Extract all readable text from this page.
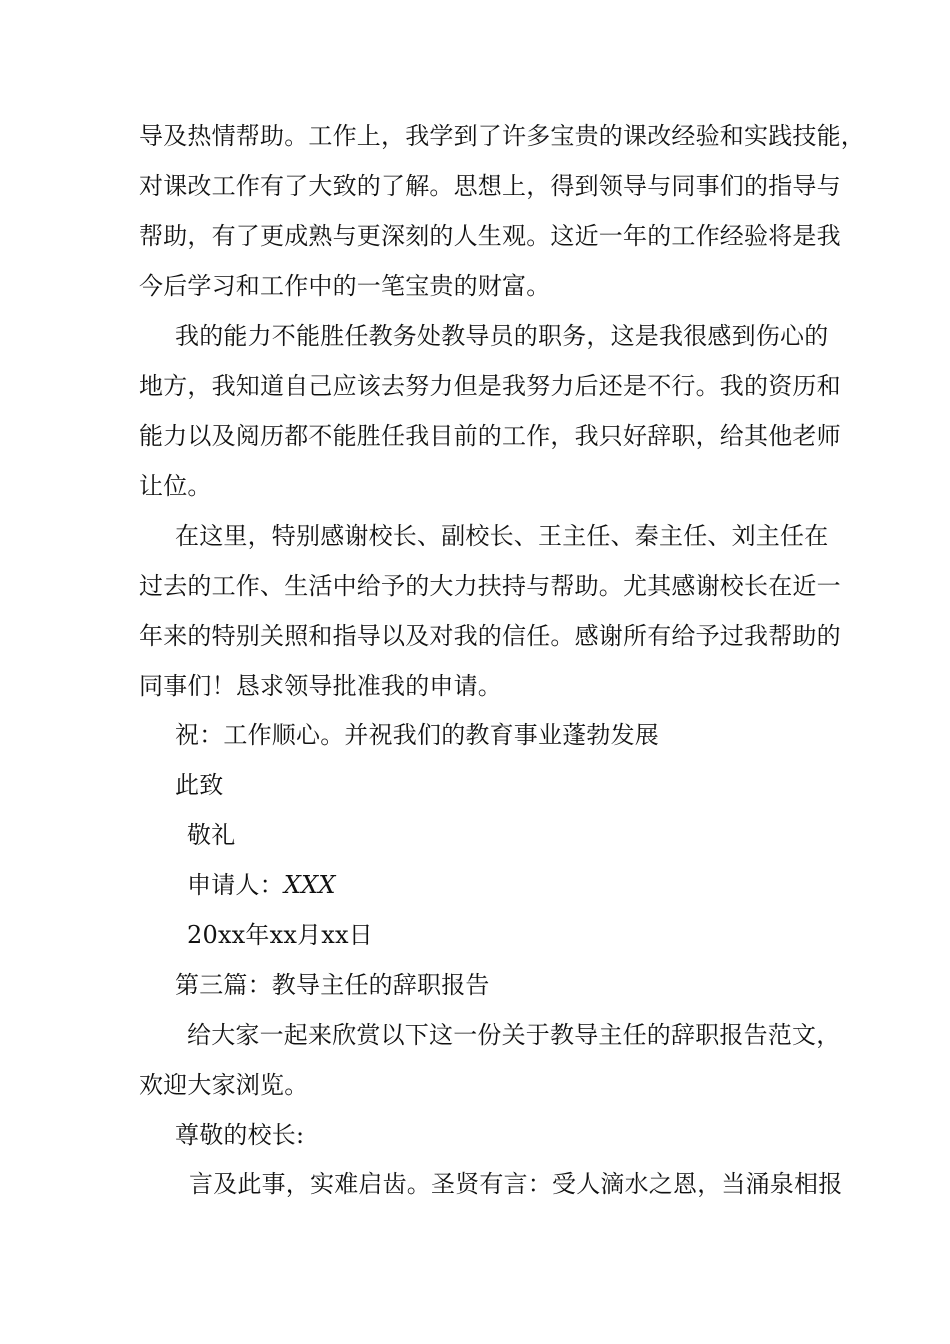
导及热情帮助。工作上，我学到了许多宝贵的课改经验和实践技能，
对课改工作有了大致的了解。思想上，得到领导与同事们的指导与
帮助，有了更成熟与更深刻的人生观。这近一年的工作经验将是我
今后学习和工作中的一笔宝贵的财富。
我的能力不能胜任教务处教导员的职务，这是我很感到伤心的
地方，我知道自己应该去努力但是我努力后还是不行。我的资历和
能力以及阅历都不能胜任我目前的工作，我只好辞职，给其他老师
让位。
在这里，特别感谢校长、副校长、王主任、秦主任、刘主任在
过去的工作、生活中给予的大力扶持与帮助。尤其感谢校长在近一
年来的特别关照和指导以及对我的信任。感谢所有给予过我帮助的
同事们！恳求领导批准我的申请。
祝：工作顺心。并祝我们的教育事业蓬勃发展
此致
敬礼
申请人：XXX
20xx年xx月xx日
第三篇：教导主任的辞职报告
给大家一起来欣赏以下这一份关于教导主任的辞职报告范文，
欢迎大家浏览。
尊敬的校长:
言及此事，实难启齿。圣贤有言：受人滴水之恩，当涌泉相报
